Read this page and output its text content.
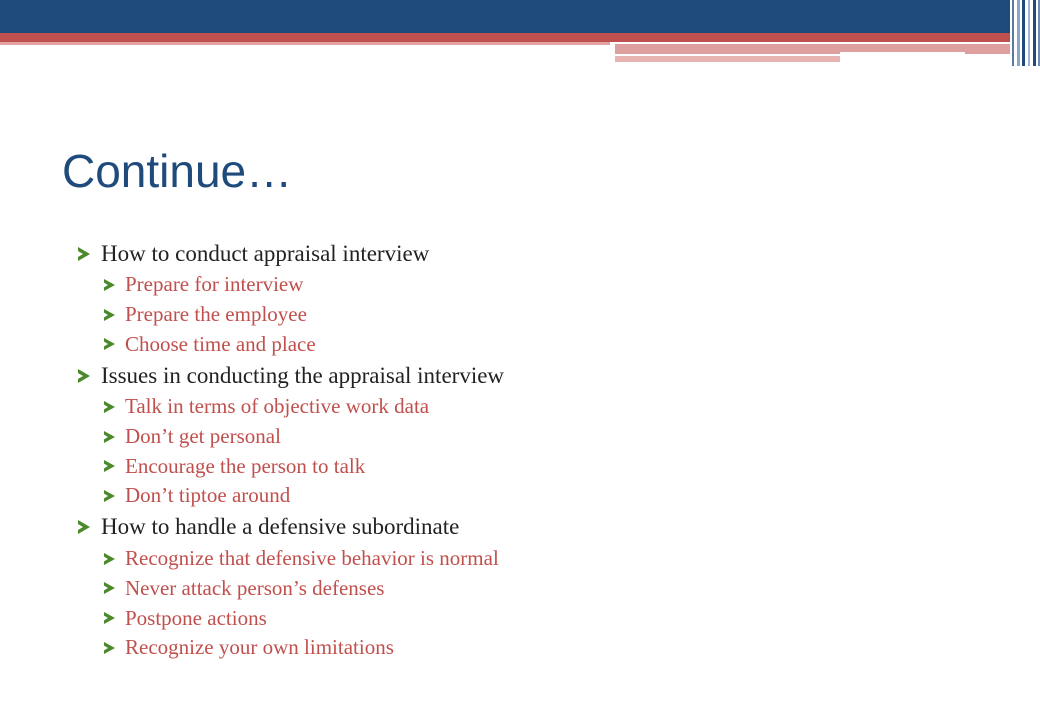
Continue…
How to conduct appraisal interview
Prepare for interview
Prepare the employee
Choose time and place
Issues in conducting the appraisal interview
Talk in terms of objective work data
Don’t get personal
Encourage the person to talk
Don’t tiptoe around
How to handle a defensive subordinate
Recognize that defensive behavior is normal
Never attack person’s defenses
Postpone actions
Recognize your own limitations
